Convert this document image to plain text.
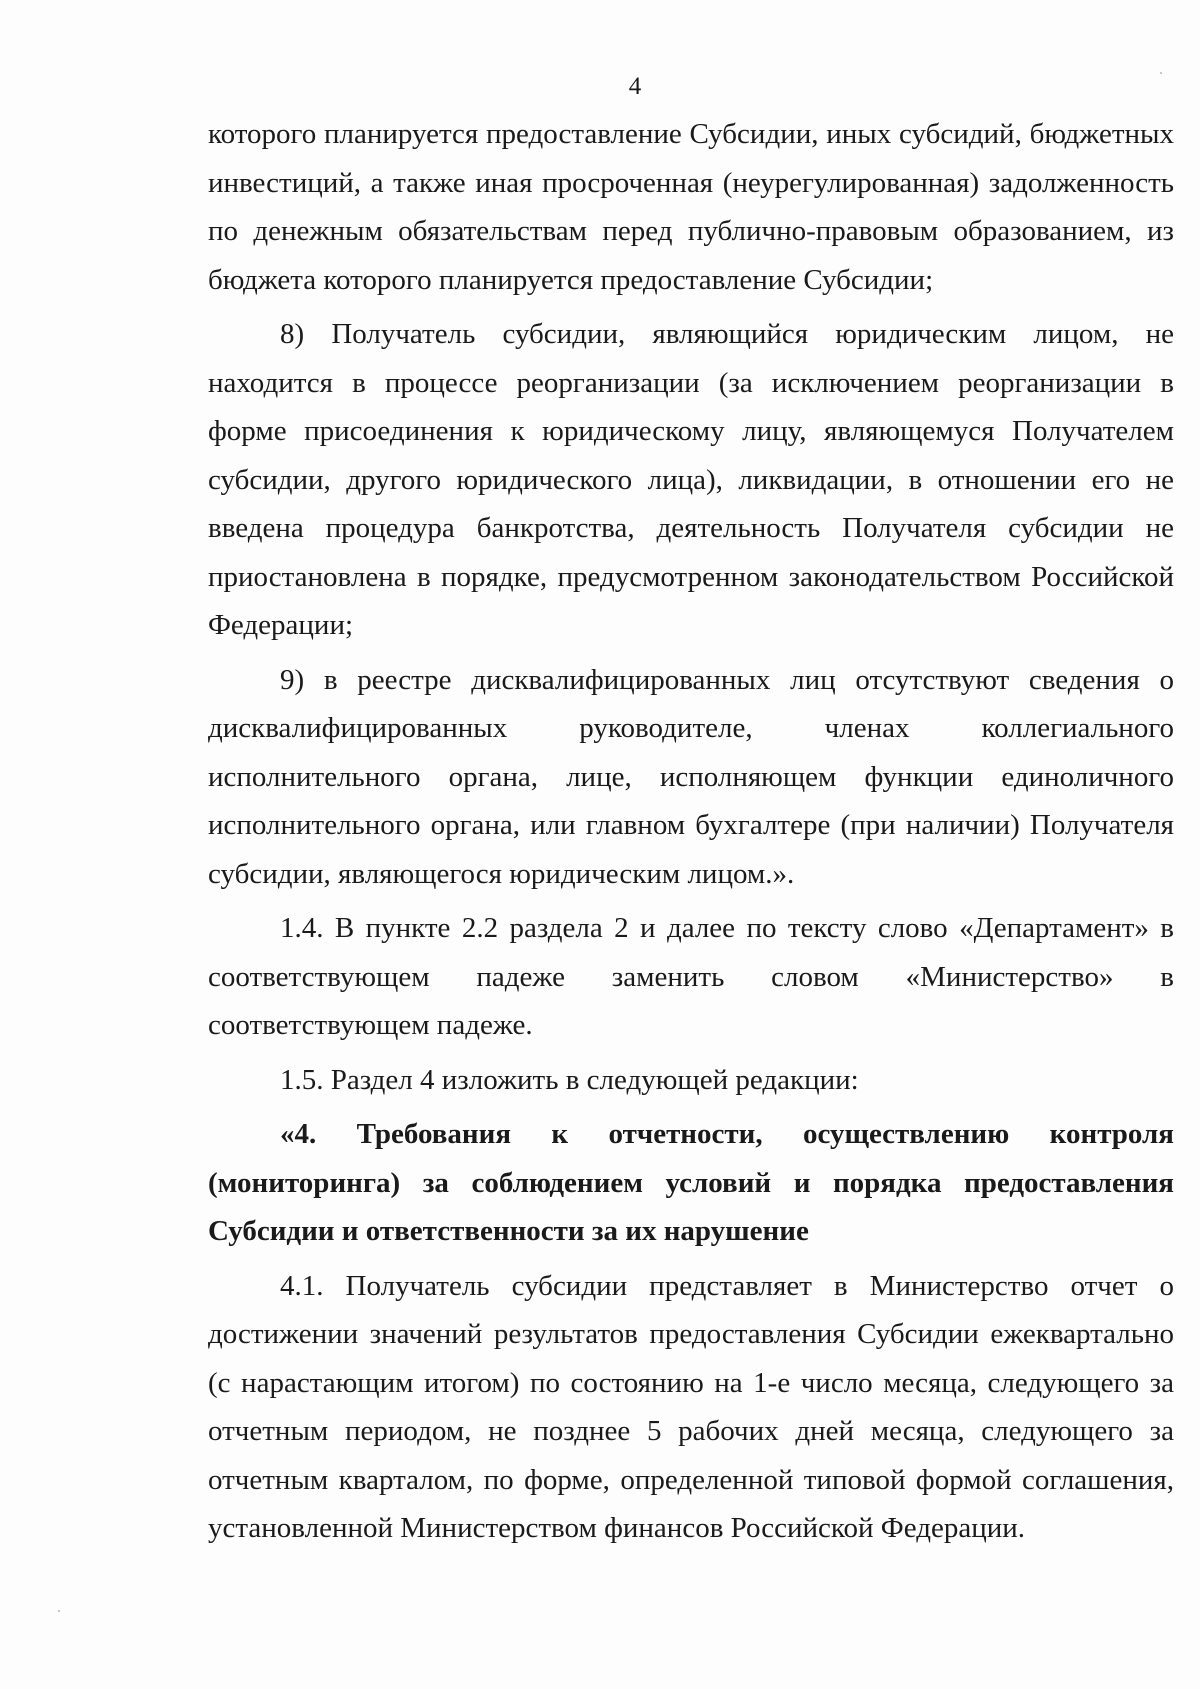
4

которого планируется предоставление Субсидии, иных субсидий, бюджетных инвестиций, а также иная просроченная (неурегулированная) задолженность по денежным обязательствам перед публично-правовым образованием, из бюджета которого планируется предоставление Субсидии;

8) Получатель субсидии, являющийся юридическим лицом, не находится в процессе реорганизации (за исключением реорганизации в форме присоединения к юридическому лицу, являющемуся Получателем субсидии, другого юридического лица), ликвидации, в отношении его не введена процедура банкротства, деятельность Получателя субсидии не приостановлена в порядке, предусмотренном законодательством Российской Федерации;

9) в реестре дисквалифицированных лиц отсутствуют сведения о дисквалифицированных руководителе, членах коллегиального исполнительного органа, лице, исполняющем функции единоличного исполнительного органа, или главном бухгалтере (при наличии) Получателя субсидии, являющегося юридическим лицом.».

1.4. В пункте 2.2 раздела 2 и далее по тексту слово «Департамент» в соответствующем падеже заменить словом «Министерство» в соответствующем падеже.

1.5. Раздел 4 изложить в следующей редакции:

«4. Требования к отчетности, осуществлению контроля (мониторинга) за соблюдением условий и порядка предоставления Субсидии и ответственности за их нарушение

4.1. Получатель субсидии представляет в Министерство отчет о достижении значений результатов предоставления Субсидии ежеквартально (с нарастающим итогом) по состоянию на 1-е число месяца, следующего за отчетным периодом, не позднее 5 рабочих дней месяца, следующего за отчетным кварталом, по форме, определенной типовой формой соглашения, установленной Министерством финансов Российской Федерации.
